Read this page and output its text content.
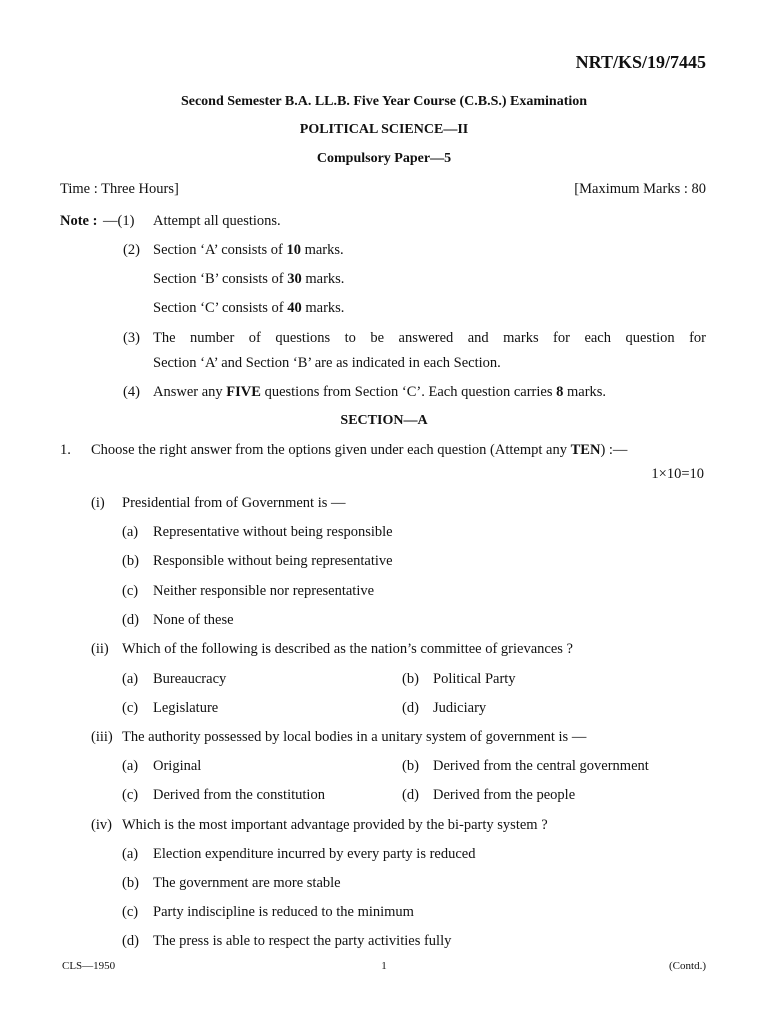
NRT/KS/19/7445
Second Semester B.A. LL.B. Five Year Course (C.B.S.) Examination
POLITICAL SCIENCE—II
Compulsory Paper—5
Time : Three Hours]	[Maximum Marks : 80
Note : —(1) Attempt all questions.
(2) Section ‘A’ consists of 10 marks.
Section ‘B’ consists of 30 marks.
Section ‘C’ consists of 40 marks.
(3) The number of questions to be answered and marks for each question for
Section ‘A’ and Section ‘B’ are as indicated in each Section.
(4) Answer any FIVE questions from Section ‘C’. Each question carries 8 marks.
SECTION—A
1. Choose the right answer from the options given under each question (Attempt any TEN) :—
1×10=10
(i) Presidential from of Government is —
(a) Representative without being responsible
(b) Responsible without being representative
(c) Neither responsible nor representative
(d) None of these
(ii) Which of the following is described as the nation’s committee of grievances ?
(a) Bureaucracy	(b) Political Party
(c) Legislature	(d) Judiciary
(iii) The authority possessed by local bodies in a unitary system of government is —
(a) Original	(b) Derived from the central government
(c) Derived from the constitution	(d) Derived from the people
(iv) Which is the most important advantage provided by the bi-party system ?
(a) Election expenditure incurred by every party is reduced
(b) The government are more stable
(c) Party indiscipline is reduced to the minimum
(d) The press is able to respect the party activities fully
CLS—1950	1	(Contd.)
